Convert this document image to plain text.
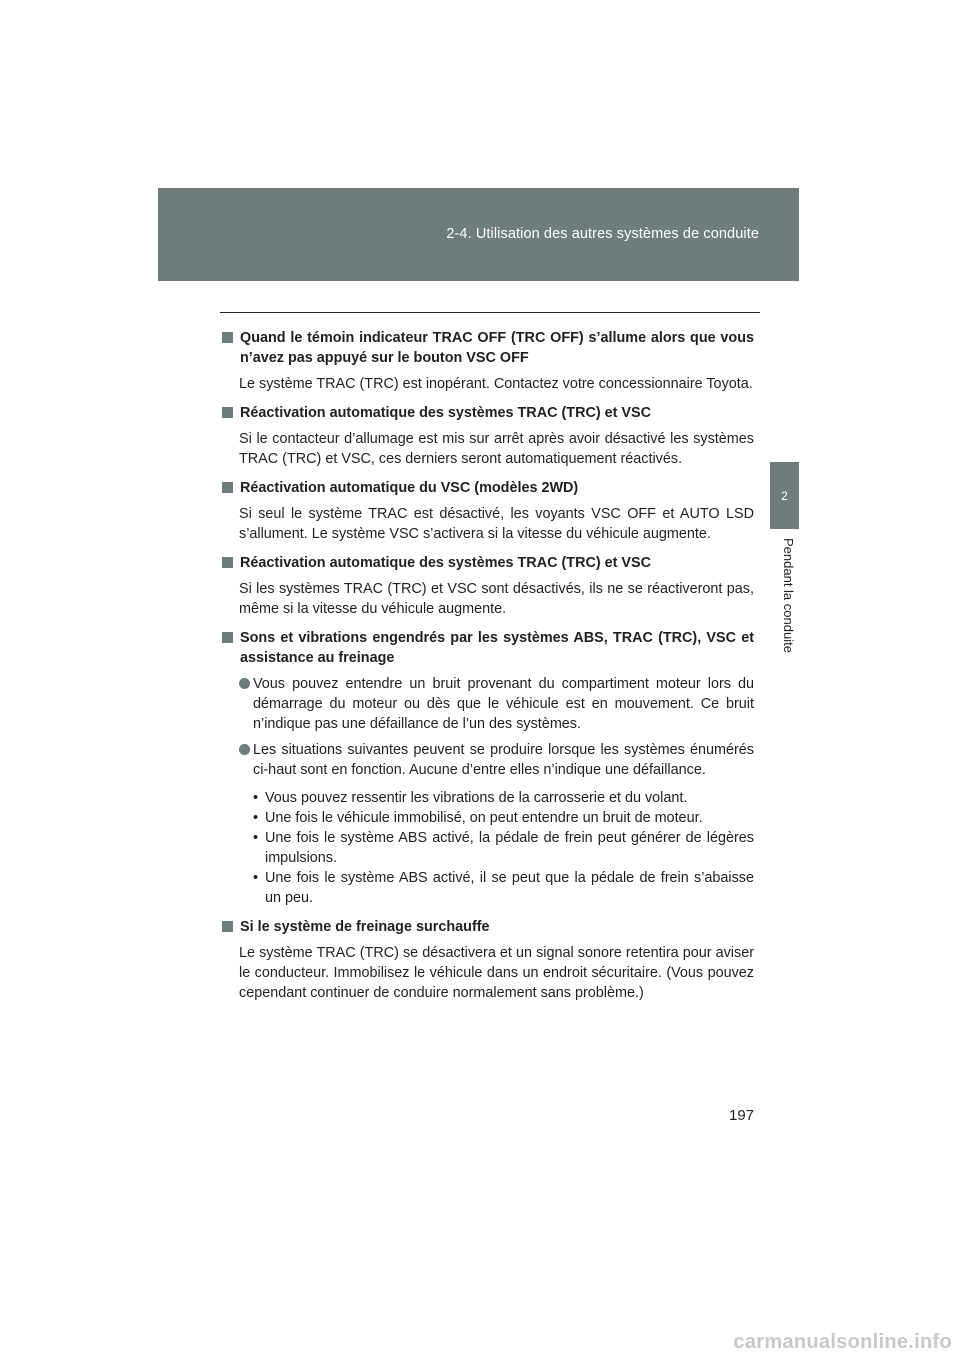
2-4. Utilisation des autres systèmes de conduite
2
Pendant la conduite

Quand le témoin indicateur TRAC OFF (TRC OFF) s’allume alors que vous n’avez pas appuyé sur le bouton VSC OFF

Le système TRAC (TRC) est inopérant. Contactez votre concessionnaire Toyota.

Réactivation automatique des systèmes TRAC (TRC) et VSC

Si le contacteur d’allumage est mis sur arrêt après avoir désactivé les systèmes TRAC (TRC) et VSC, ces derniers seront automatiquement réactivés.

Réactivation automatique du VSC (modèles 2WD)

Si seul le système TRAC est désactivé, les voyants VSC OFF et AUTO LSD s’allument. Le système VSC s’activera si la vitesse du véhicule augmente.

Réactivation automatique des systèmes TRAC (TRC) et VSC

Si les systèmes TRAC (TRC) et VSC sont désactivés, ils ne se réactiveront pas, même si la vitesse du véhicule augmente.

Sons et vibrations engendrés par les systèmes ABS, TRAC (TRC), VSC et assistance au freinage

Vous pouvez entendre un bruit provenant du compartiment moteur lors du démarrage du moteur ou dès que le véhicule est en mouvement. Ce bruit n’indique pas une défaillance de l’un des systèmes.
Les situations suivantes peuvent se produire lorsque les systèmes énumérés ci-haut sont en fonction. Aucune d’entre elles n’indique une défaillance.
• Vous pouvez ressentir les vibrations de la carrosserie et du volant.
• Une fois le véhicule immobilisé, on peut entendre un bruit de moteur.
• Une fois le système ABS activé, la pédale de frein peut générer de légères impulsions.
• Une fois le système ABS activé, il se peut que la pédale de frein s’abaisse un peu.

Si le système de freinage surchauffe

Le système TRAC (TRC) se désactivera et un signal sonore retentira pour aviser le conducteur. Immobilisez le véhicule dans un endroit sécuritaire. (Vous pouvez cependant continuer de conduire normalement sans problème.)

197
carmanualsonline.info
